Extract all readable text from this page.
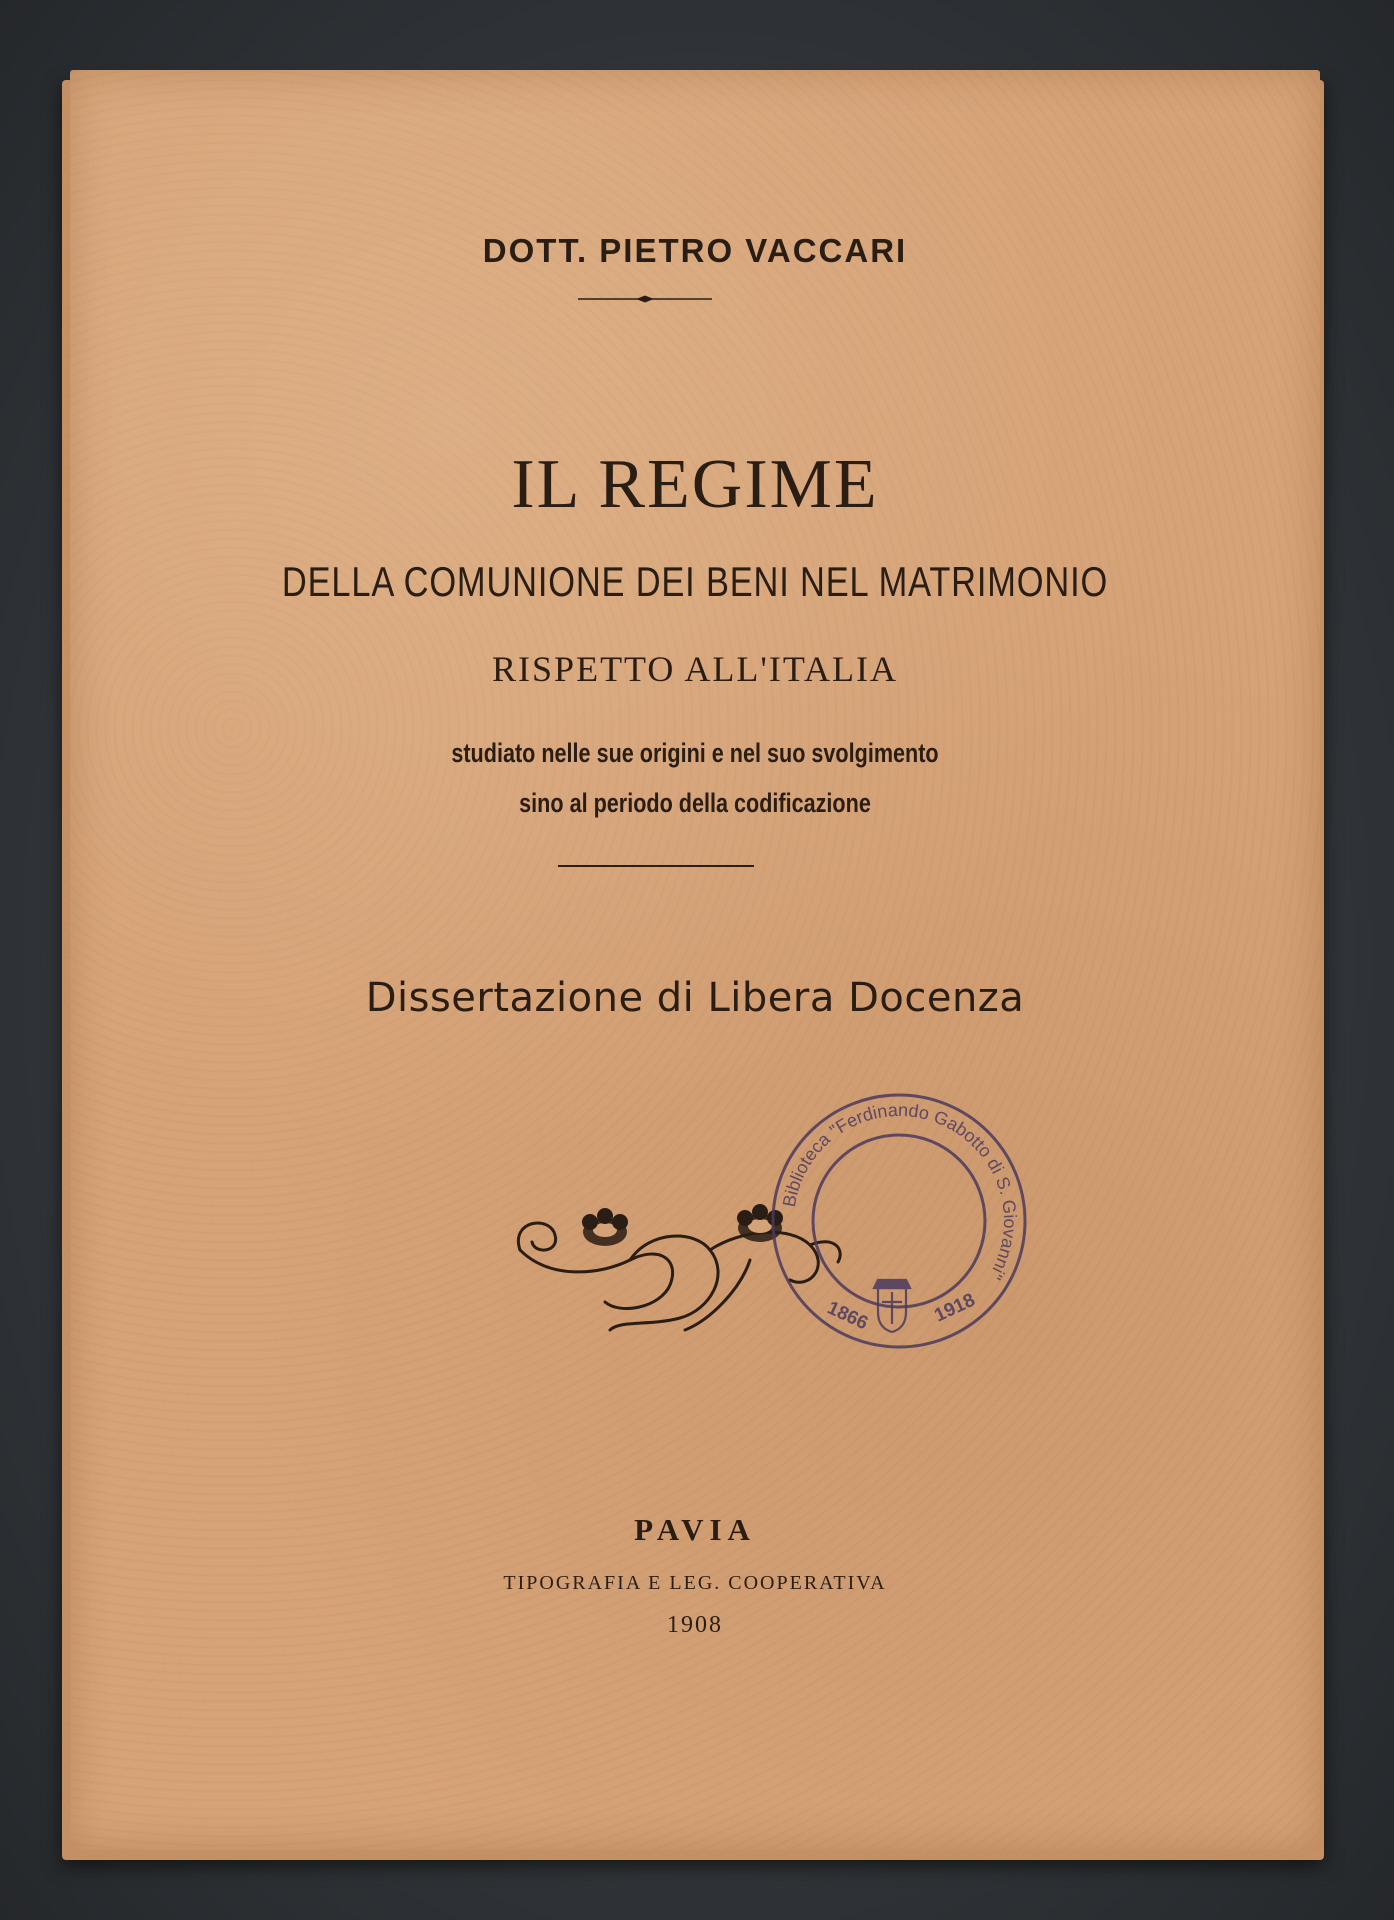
DOTT. PIETRO VACCARI
IL REGIME
DELLA COMUNIONE DEI BENI NEL MATRIMONIO
RISPETTO ALL'ITALIA
studiato nelle sue origini e nel suo svolgimento
sino al periodo della codificazione
Dissertazione di Libera Docenza
Biblioteca "Ferdinando Gabotto di S. Giovanni"
1866	1918
PAVIA
TIPOGRAFIA E LEG. COOPERATIVA
1908
